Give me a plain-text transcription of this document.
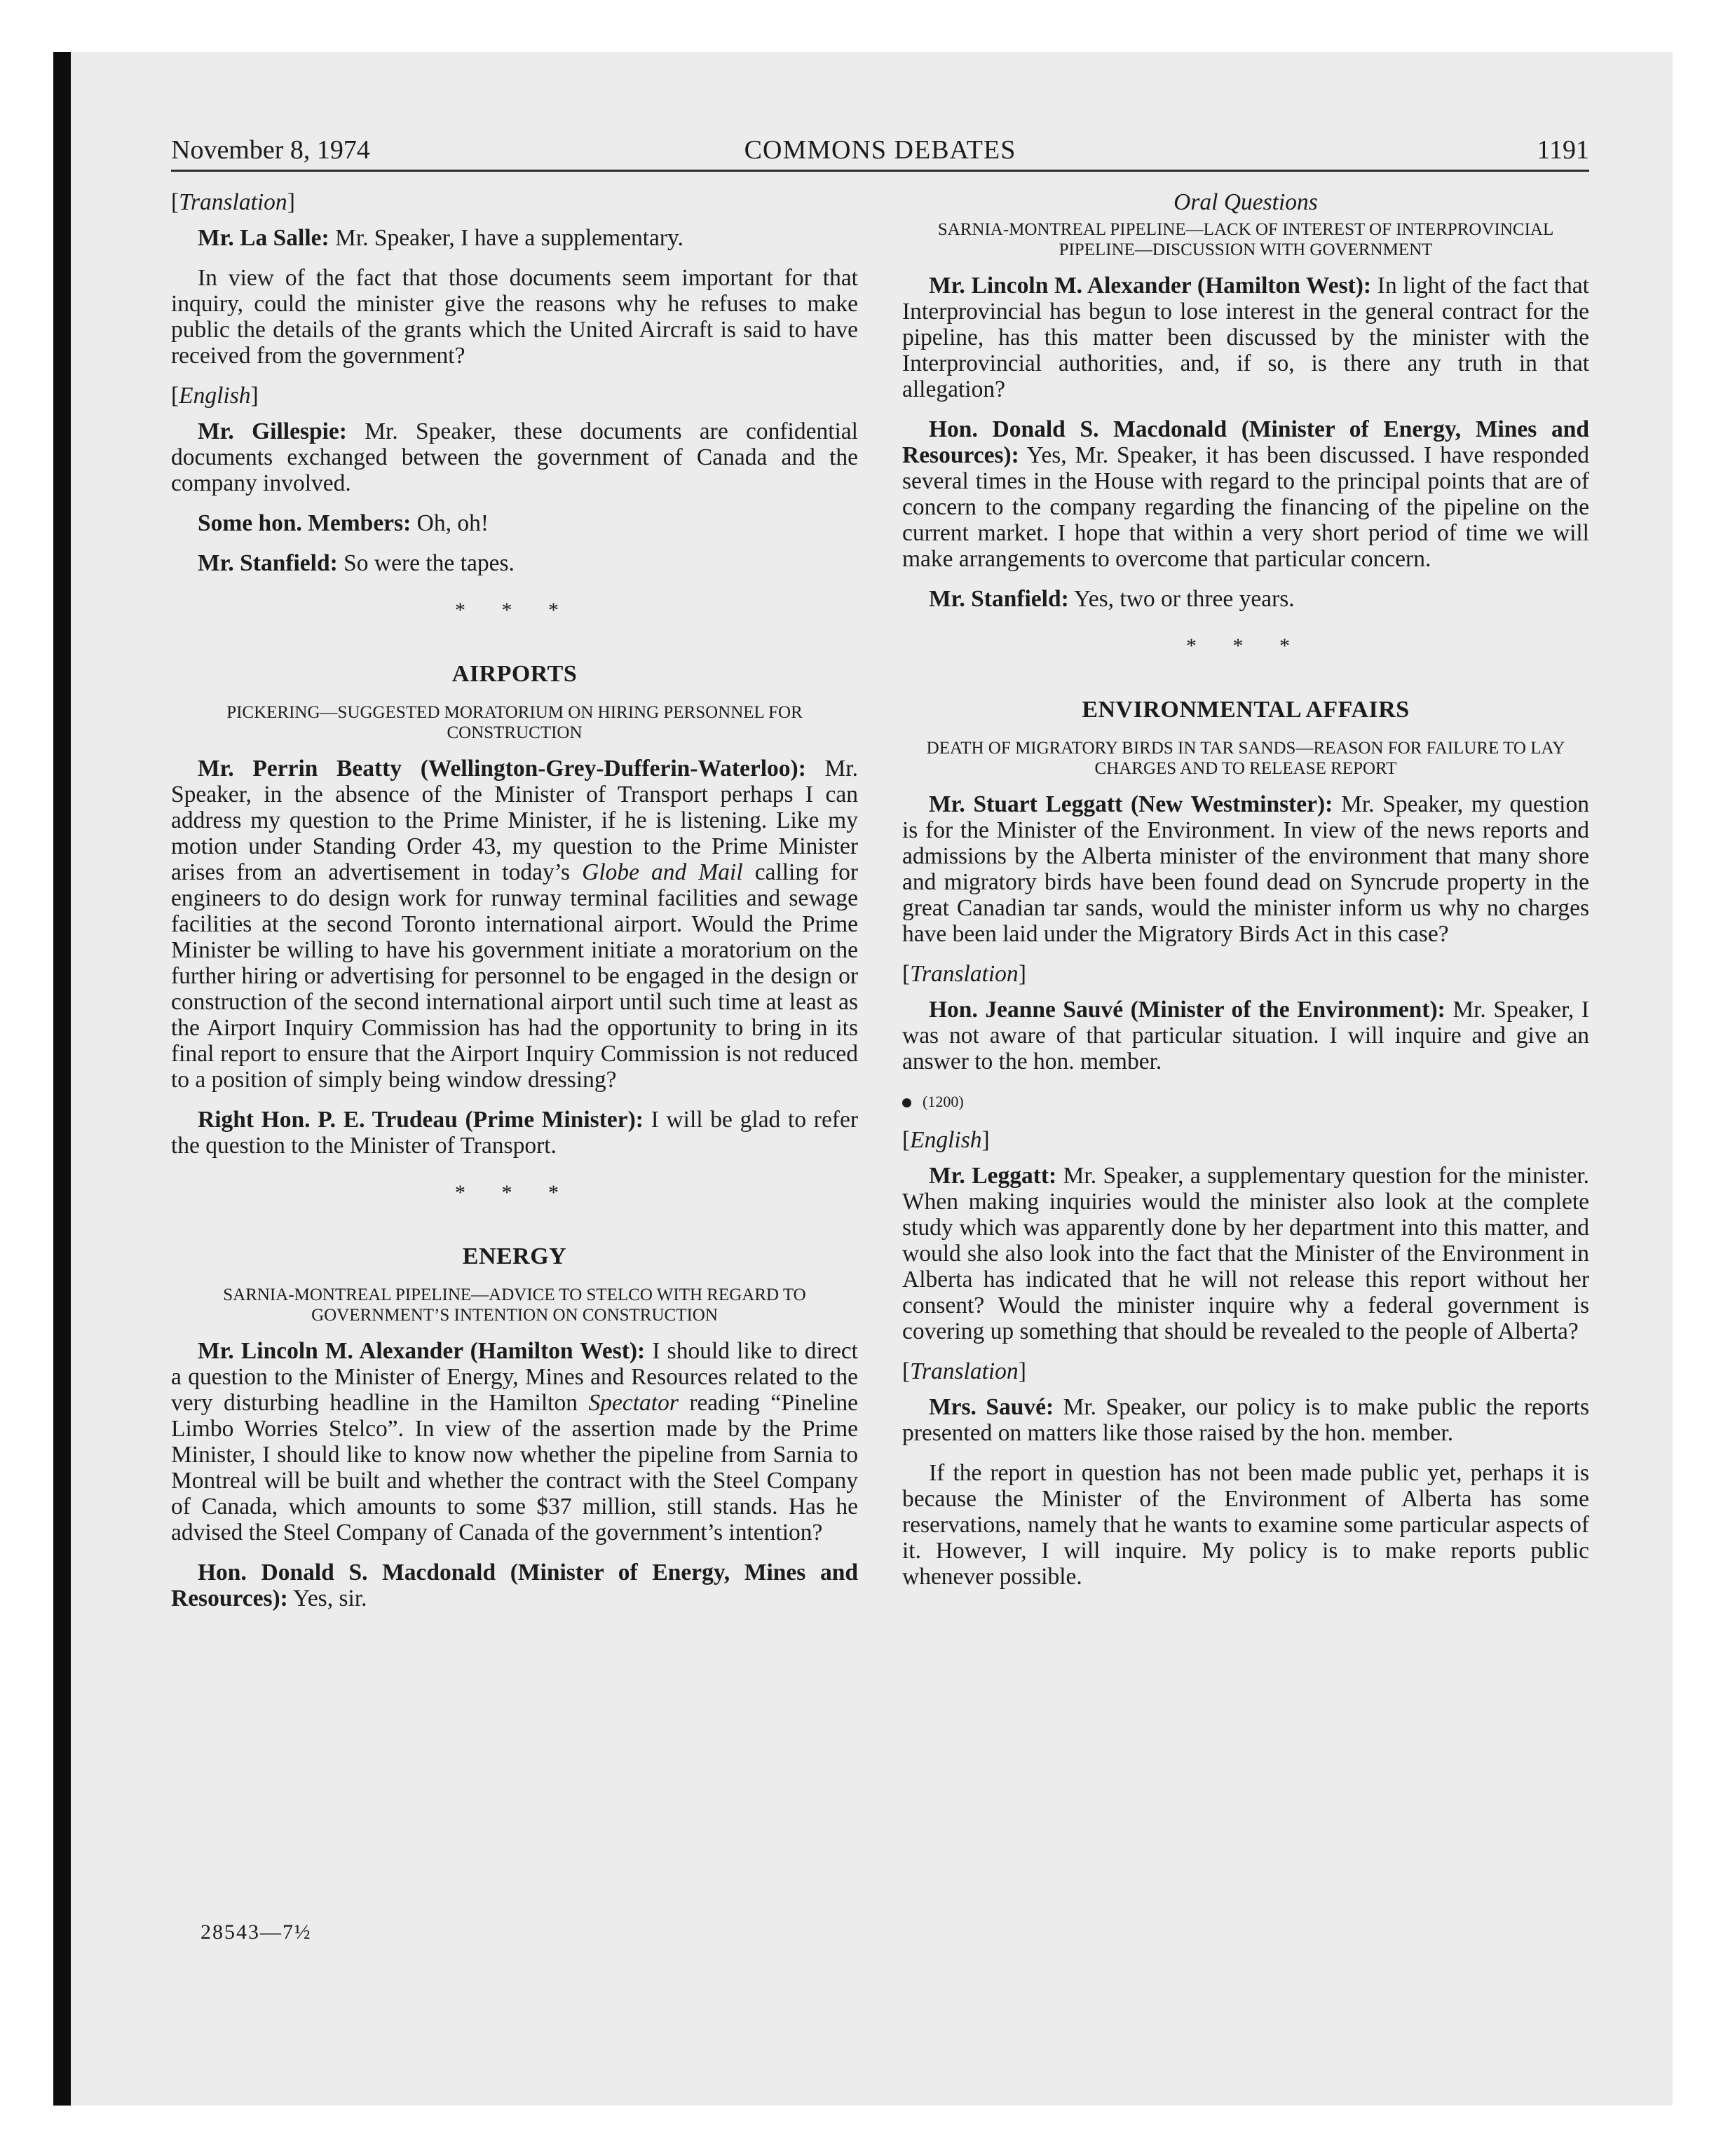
November 8, 1974	COMMONS DEBATES	1191
[Translation]

Mr. La Salle: Mr. Speaker, I have a supplementary.

In view of the fact that those documents seem important for that inquiry, could the minister give the reasons why he refuses to make public the details of the grants which the United Aircraft is said to have received from the government?

[English]

Mr. Gillespie: Mr. Speaker, these documents are confidential documents exchanged between the government of Canada and the company involved.

Some hon. Members: Oh, oh!

Mr. Stanfield: So were the tapes.

* * *
AIRPORTS
PICKERING—SUGGESTED MORATORIUM ON HIRING PERSONNEL FOR CONSTRUCTION

Mr. Perrin Beatty (Wellington-Grey-Dufferin-Waterloo): Mr. Speaker, in the absence of the Minister of Transport perhaps I can address my question to the Prime Minister, if he is listening. Like my motion under Standing Order 43, my question to the Prime Minister arises from an advertisement in today’s Globe and Mail calling for engineers to do design work for runway terminal facilities and sewage facilities at the second Toronto international airport. Would the Prime Minister be willing to have his government initiate a moratorium on the further hiring or advertising for personnel to be engaged in the design or construction of the second international airport until such time at least as the Airport Inquiry Commission has had the opportunity to bring in its final report to ensure that the Airport Inquiry Commission is not reduced to a position of simply being window dressing?

Right Hon. P. E. Trudeau (Prime Minister): I will be glad to refer the question to the Minister of Transport.

* * *
ENERGY
SARNIA-MONTREAL PIPELINE—ADVICE TO STELCO WITH REGARD TO GOVERNMENT’S INTENTION ON CONSTRUCTION

Mr. Lincoln M. Alexander (Hamilton West): I should like to direct a question to the Minister of Energy, Mines and Resources related to the very disturbing headline in the Hamilton Spectator reading “Pineline Limbo Worries Stelco”. In view of the assertion made by the Prime Minister, I should like to know now whether the pipeline from Sarnia to Montreal will be built and whether the contract with the Steel Company of Canada, which amounts to some $37 million, still stands. Has he advised the Steel Company of Canada of the government’s intention?

Hon. Donald S. Macdonald (Minister of Energy, Mines and Resources): Yes, sir.

Oral Questions
SARNIA-MONTREAL PIPELINE—LACK OF INTEREST OF INTERPROVINCIAL PIPELINE—DISCUSSION WITH GOVERNMENT

Mr. Lincoln M. Alexander (Hamilton West): In light of the fact that Interprovincial has begun to lose interest in the general contract for the pipeline, has this matter been discussed by the minister with the Interprovincial authorities, and, if so, is there any truth in that allegation?

Hon. Donald S. Macdonald (Minister of Energy, Mines and Resources): Yes, Mr. Speaker, it has been discussed. I have responded several times in the House with regard to the principal points that are of concern to the company regarding the financing of the pipeline on the current market. I hope that within a very short period of time we will make arrangements to overcome that particular concern.

Mr. Stanfield: Yes, two or three years.

* * *
ENVIRONMENTAL AFFAIRS
DEATH OF MIGRATORY BIRDS IN TAR SANDS—REASON FOR FAILURE TO LAY CHARGES AND TO RELEASE REPORT

Mr. Stuart Leggatt (New Westminster): Mr. Speaker, my question is for the Minister of the Environment. In view of the news reports and admissions by the Alberta minister of the environment that many shore and migratory birds have been found dead on Syncrude property in the great Canadian tar sands, would the minister inform us why no charges have been laid under the Migratory Birds Act in this case?

[Translation]

Hon. Jeanne Sauvé (Minister of the Environment): Mr. Speaker, I was not aware of that particular situation. I will inquire and give an answer to the hon. member.

(1200)
[English]

Mr. Leggatt: Mr. Speaker, a supplementary question for the minister. When making inquiries would the minister also look at the complete study which was apparently done by her department into this matter, and would she also look into the fact that the Minister of the Environment in Alberta has indicated that he will not release this report without her consent? Would the minister inquire why a federal government is covering up something that should be revealed to the people of Alberta?

[Translation]

Mrs. Sauvé: Mr. Speaker, our policy is to make public the reports presented on matters like those raised by the hon. member.

If the report in question has not been made public yet, perhaps it is because the Minister of the Environment of Alberta has some reservations, namely that he wants to examine some particular aspects of it. However, I will inquire. My policy is to make reports public whenever possible.

28543—7½
